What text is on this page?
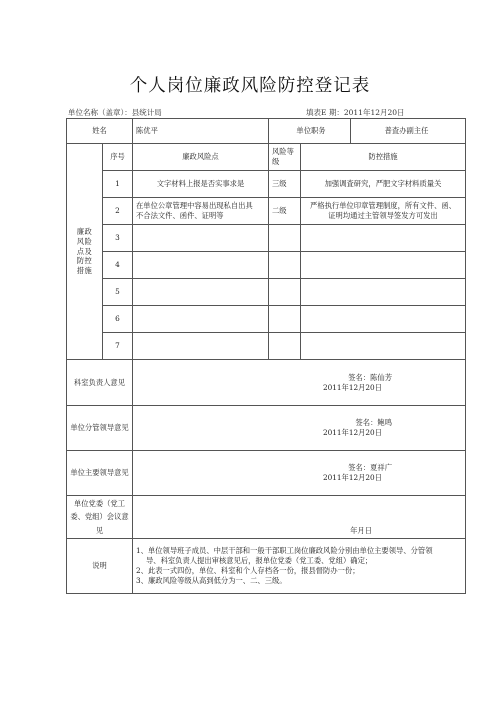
个人岗位廉政风险防控登记表
单位名称（盖章）：县统计局	填表E 期：2011年12月20日
姓名		陈优平	单位职务 普査办副主任	

廉政
风险
点及
防控
措施	序号	廉政风险点	风险等
级	防控措施
	1	文字材料上报是否实事求是	三级	加强调査研究，严肥文字材料质量关
	2	在单位公章管理中容易出现私自出具
不合法文件、函件、证明等	二级	严格执行单位印章管理制度，所有文件、函、
证明均通过主管领导签发方可发出
	3			
	4			
	5			
	6			
	7			
科室负责人意见		签名：陈仙芳
2011年12月20日		

单位分管领导意见		签名：鲍鸣
2011年12月20日		

单位主要领导意见		签名：夏祥广
2011年12月20日		

单位党委（党工
委、党组）会议意
见		年月日		

说明		1、单位领导班子成员、中层干部和一般干部职工岗位廉政风险分别由单位主要领导、分管领

导、科室负责人提出审核意见后，报单位党委（党工委、党组）确定；

2、此表一式四份，单位、科室和个人存档各一份，报县督防办一份；

3、廉政风险等级从高到低分为一、二、三级。		
